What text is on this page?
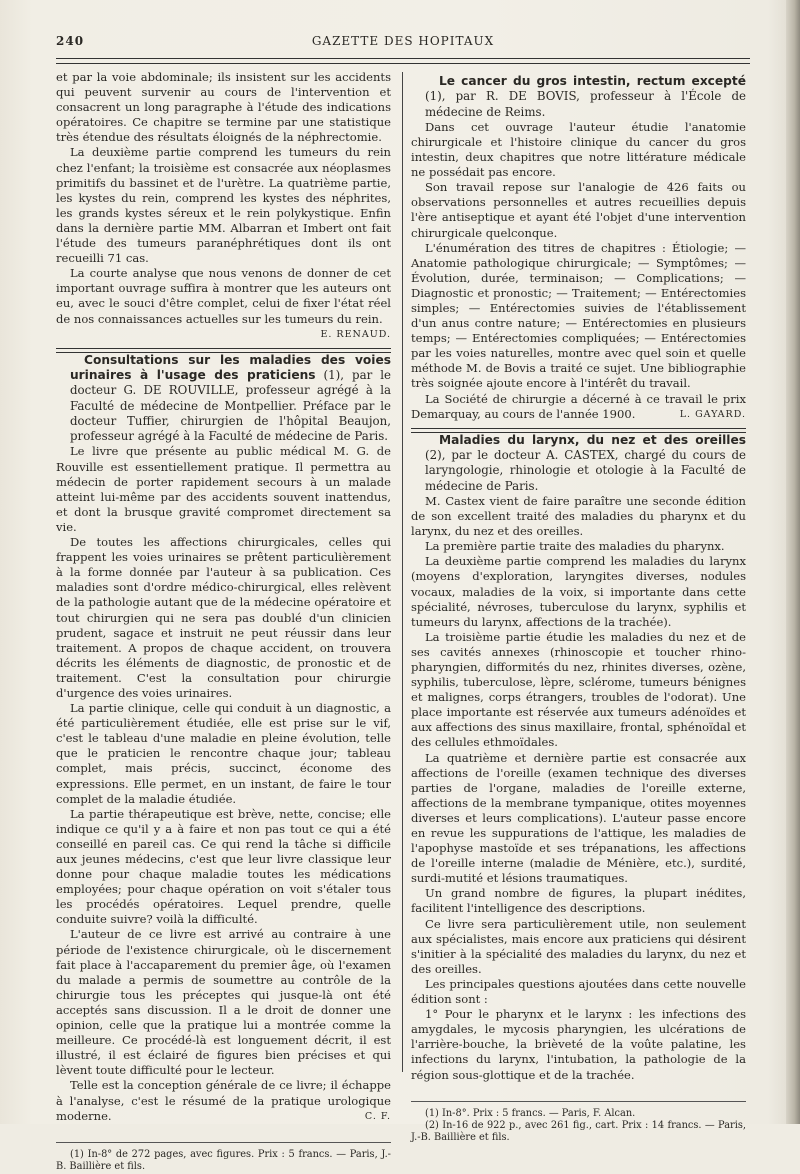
240	GAZETTE DES HOPITAUX

et par la voie abdominale; ils insistent sur les accidents qui peuvent survenir au cours de l'intervention et consacrent un long paragraphe à l'étude des indications opératoires. Ce chapitre se termine par une statistique très étendue des résultats éloignés de la néphrectomie.

La deuxième partie comprend les tumeurs du rein chez l'enfant; la troisième est consacrée aux néoplasmes primitifs du bassinet et de l'urètre. La quatrième partie, les kystes du rein, comprend les kystes des néphrites, les grands kystes séreux et le rein polykystique. Enfin dans la dernière partie MM. Albarran et Imbert ont fait l'étude des tumeurs paranéphrétiques dont ils ont recueilli 71 cas.

La courte analyse que nous venons de donner de cet important ouvrage suffira à montrer que les auteurs ont eu, avec le souci d'être complet, celui de fixer l'état réel de nos connaissances actuelles sur les tumeurs du rein.

E. RENAUD.

Consultations sur les maladies des voies urinaires à l'usage des praticiens (1), par le docteur G. DE ROUVILLE, professeur agrégé à la Faculté de médecine de Montpellier. Préface par le docteur Tuffier, chirurgien de l'hôpital Beaujon, professeur agrégé à la Faculté de médecine de Paris.

Le livre que présente au public médical M. G. de Rouville est essentiellement pratique. Il permettra au médecin de porter rapidement secours à un malade atteint lui-même par des accidents souvent inattendus, et dont la brusque gravité compromet directement sa vie.

De toutes les affections chirurgicales, celles qui frappent les voies urinaires se prêtent particulièrement à la forme donnée par l'auteur à sa publication. Ces maladies sont d'ordre médico-chirurgical, elles relèvent de la pathologie autant que de la médecine opératoire et tout chirurgien qui ne sera pas doublé d'un clinicien prudent, sagace et instruit ne peut réussir dans leur traitement. A propos de chaque accident, on trouvera décrits les éléments de diagnostic, de pronostic et de traitement. C'est la consultation pour chirurgie d'urgence des voies urinaires.

La partie clinique, celle qui conduit à un diagnostic, a été particulièrement étudiée, elle est prise sur le vif, c'est le tableau d'une maladie en pleine évolution, telle que le praticien le rencontre chaque jour; tableau complet, mais précis, succinct, économe des expressions. Elle permet, en un instant, de faire le tour complet de la maladie étudiée.

La partie thérapeutique est brève, nette, concise; elle indique ce qu'il y a à faire et non pas tout ce qui a été conseillé en pareil cas. Ce qui rend la tâche si difficile aux jeunes médecins, c'est que leur livre classique leur donne pour chaque maladie toutes les médications employées; pour chaque opération on voit s'étaler tous les procédés opératoires. Lequel prendre, quelle conduite suivre? voilà la difficulté.

L'auteur de ce livre est arrivé au contraire à une période de l'existence chirurgicale, où le discernement fait place à l'accaparement du premier âge, où l'examen du malade a permis de soumettre au contrôle de la chirurgie tous les préceptes qui jusque-là ont été acceptés sans discussion. Il a le droit de donner une opinion, celle que la pratique lui a montrée comme la meilleure. Ce procédé-là est longuement décrit, il est illustré, il est éclairé de figures bien précises et qui lèvent toute difficulté pour le lecteur.

Telle est la conception générale de ce livre; il échappe à l'analyse, c'est le résumé de la pratique urologique moderne.	C. F.

(1) In-8° de 272 pages, avec figures. Prix : 5 francs. — Paris, J.-B. Baillière et fils.

Le cancer du gros intestin, rectum excepté (1), par R. DE BOVIS, professeur à l'École de médecine de Reims.

Dans cet ouvrage l'auteur étudie l'anatomie chirurgicale et l'histoire clinique du cancer du gros intestin, deux chapitres que notre littérature médicale ne possédait pas encore.

Son travail repose sur l'analogie de 426 faits ou observations personnelles et autres recueillies depuis l'ère antiseptique et ayant été l'objet d'une intervention chirurgicale quelconque.

L'énumération des titres de chapitres : Étiologie; — Anatomie pathologique chirurgicale; — Symptômes; — Évolution, durée, terminaison; — Complications; — Diagnostic et pronostic; — Traitement; — Entérectomies simples; — Entérectomies suivies de l'établissement d'un anus contre nature; — Entérectomies en plusieurs temps; — Entérectomies compliquées; — Entérectomies par les voies naturelles, montre avec quel soin et quelle méthode M. de Bovis a traité ce sujet. Une bibliographie très soignée ajoute encore à l'intérêt du travail.

La Société de chirurgie a décerné à ce travail le prix Demarquay, au cours de l'année 1900.	L. GAYARD.

Maladies du larynx, du nez et des oreilles (2), par le docteur A. CASTEX, chargé du cours de laryngologie, rhinologie et otologie à la Faculté de médecine de Paris.

M. Castex vient de faire paraître une seconde édition de son excellent traité des maladies du pharynx et du larynx, du nez et des oreilles.

La première partie traite des maladies du pharynx.

La deuxième partie comprend les maladies du larynx (moyens d'exploration, laryngites diverses, nodules vocaux, maladies de la voix, si importante dans cette spécialité, névroses, tuberculose du larynx, syphilis et tumeurs du larynx, affections de la trachée).

La troisième partie étudie les maladies du nez et de ses cavités annexes (rhinoscopie et toucher rhino-pharyngien, difformités du nez, rhinites diverses, ozène, syphilis, tuberculose, lèpre, sclérome, tumeurs bénignes et malignes, corps étrangers, troubles de l'odorat). Une place importante est réservée aux tumeurs adénoïdes et aux affections des sinus maxillaire, frontal, sphénoïdal et des cellules ethmoïdales.

La quatrième et dernière partie est consacrée aux affections de l'oreille (examen technique des diverses parties de l'organe, maladies de l'oreille externe, affections de la membrane tympanique, otites moyennes diverses et leurs complications). L'auteur passe encore en revue les suppurations de l'attique, les maladies de l'apophyse mastoïde et ses trépanations, les affections de l'oreille interne (maladie de Ménière, etc.), surdité, surdi-mutité et lésions traumatiques.

Un grand nombre de figures, la plupart inédites, facilitent l'intelligence des descriptions.

Ce livre sera particulièrement utile, non seulement aux spécialistes, mais encore aux praticiens qui désirent s'initier à la spécialité des maladies du larynx, du nez et des oreilles.

Les principales questions ajoutées dans cette nouvelle édition sont :

1° Pour le pharynx et le larynx : les infections des amygdales, le mycosis pharyngien, les ulcérations de l'arrière-bouche, la brièveté de la voûte palatine, les infections du larynx, l'intubation, la pathologie de la région sous-glottique et de la trachée.

(1) In-8°. Prix : 5 francs. — Paris, F. Alcan.

(2) In-16 de 922 p., avec 261 fig., cart. Prix : 14 francs. — Paris, J.-B. Baillière et fils.
